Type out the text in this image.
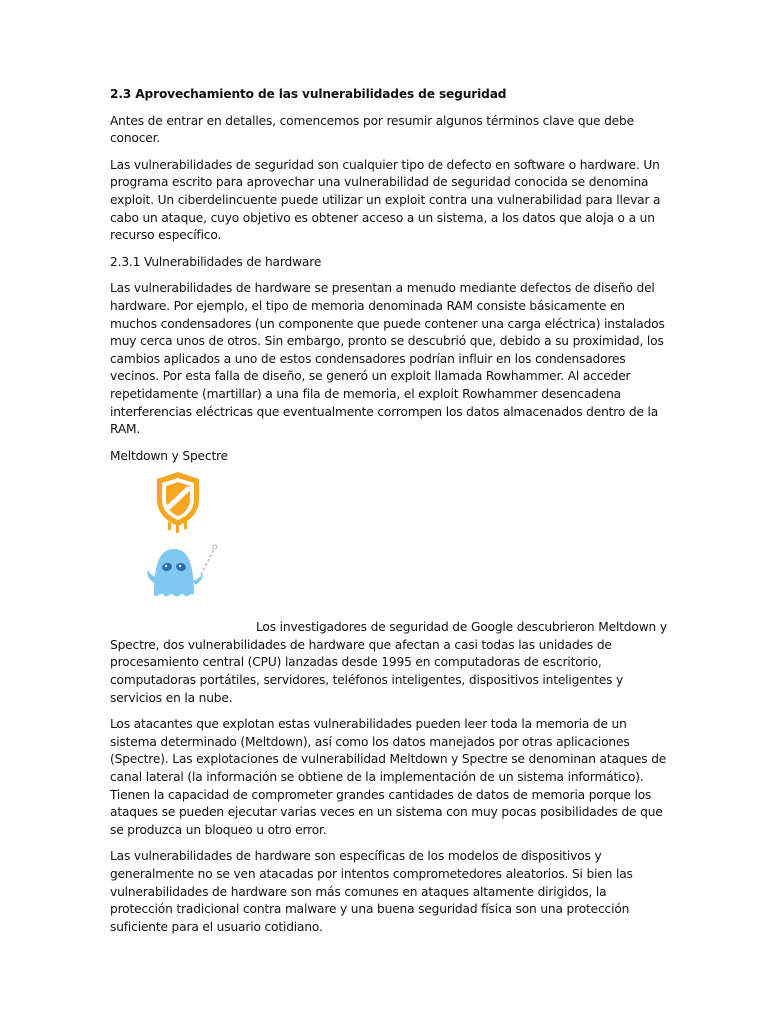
2.3 Aprovechamiento de las vulnerabilidades de seguridad

Antes de entrar en detalles, comencemos por resumir algunos términos clave que debe conocer.

Las vulnerabilidades de seguridad son cualquier tipo de defecto en software o hardware. Un programa escrito para aprovechar una vulnerabilidad de seguridad conocida se denomina exploit. Un ciberdelincuente puede utilizar un exploit contra una vulnerabilidad para llevar a cabo un ataque, cuyo objetivo es obtener acceso a un sistema, a los datos que aloja o a un recurso específico.

2.3.1 Vulnerabilidades de hardware

Las vulnerabilidades de hardware se presentan a menudo mediante defectos de diseño del hardware. Por ejemplo, el tipo de memoria denominada RAM consiste básicamente en muchos condensadores (un componente que puede contener una carga eléctrica) instalados muy cerca unos de otros. Sin embargo, pronto se descubrió que, debido a su proximidad, los cambios aplicados a uno de estos condensadores podrían influir en los condensadores vecinos. Por esta falla de diseño, se generó un exploit llamada Rowhammer. Al acceder repetidamente (martillar) a una fila de memoria, el exploit Rowhammer desencadena interferencias eléctricas que eventualmente corrompen los datos almacenados dentro de la RAM.

Meltdown y Spectre

Los investigadores de seguridad de Google descubrieron Meltdown y Spectre, dos vulnerabilidades de hardware que afectan a casi todas las unidades de procesamiento central (CPU) lanzadas desde 1995 en computadoras de escritorio, computadoras portátiles, servidores, teléfonos inteligentes, dispositivos inteligentes y servicios en la nube.

Los atacantes que explotan estas vulnerabilidades pueden leer toda la memoria de un sistema determinado (Meltdown), así como los datos manejados por otras aplicaciones (Spectre). Las explotaciones de vulnerabilidad Meltdown y Spectre se denominan ataques de canal lateral (la información se obtiene de la implementación de un sistema informático). Tienen la capacidad de comprometer grandes cantidades de datos de memoria porque los ataques se pueden ejecutar varias veces en un sistema con muy pocas posibilidades de que se produzca un bloqueo u otro error.

Las vulnerabilidades de hardware son específicas de los modelos de dispositivos y generalmente no se ven atacadas por intentos comprometedores aleatorios. Si bien las vulnerabilidades de hardware son más comunes en ataques altamente dirigidos, la protección tradicional contra malware y una buena seguridad física son una protección suficiente para el usuario cotidiano.
